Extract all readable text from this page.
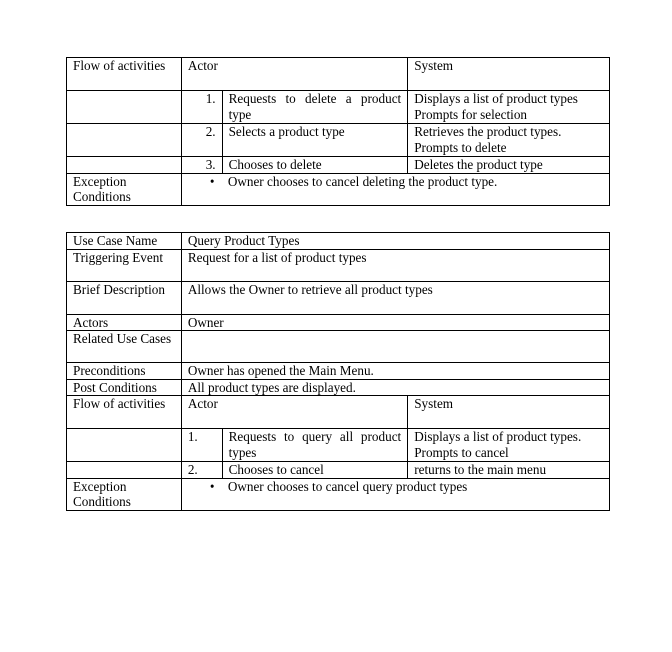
Flow of activities	Actor		System
	1.	Requests to delete a product type	Displays a list of product types Prompts for selection
	2.	Selects a product type	Retrieves the product types. Prompts to delete
	3.	Chooses to delete	Deletes the product type
Exception Conditions	• Owner chooses to cancel deleting the product type.		
Use Case Name	Query Product Types		
Triggering Event	Request for a list of product types		
Brief Description	Allows the Owner to retrieve all product types		
Actors	Owner		
Related Use Cases			
Preconditions	Owner has opened the Main Menu.		
Post Conditions	All product types are displayed.		
Flow of activities	Actor		System
	1.	Requests to query all product types	Displays a list of product types. Prompts to cancel
	2.	Chooses to cancel	returns to the main menu
Exception Conditions	• Owner chooses to cancel query product types		
